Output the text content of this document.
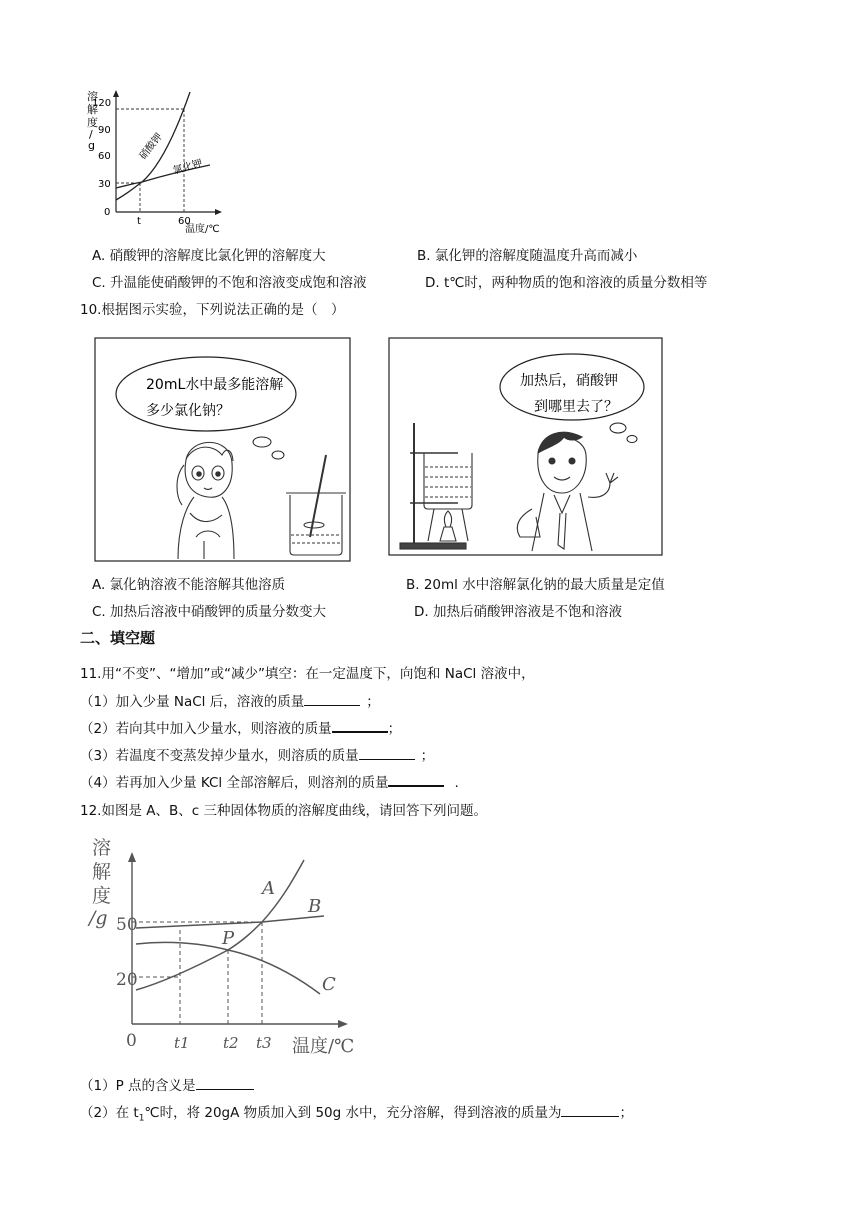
溶
解
度
/
g
120
90
60
30
0
t	60
温度/℃
硝酸钾
氯化钾
A. 硝酸钾的溶解度比氯化钾的溶解度大	B. 氯化钾的溶解度随温度升高而减小
C. 升温能使硝酸钾的不饱和溶液变成饱和溶液	D. t℃时，两种物质的饱和溶液的质量分数相等
10.根据图示实验，下列说法正确的是（　）
20mL水中最多能溶解
多少氯化钠？
加热后，硝酸钾
到哪里去了？
A. 氯化钠溶液不能溶解其他溶质	B. 20ml 水中溶解氯化钠的最大质量是定值
C. 加热后溶液中硝酸钾的质量分数变大	D. 加热后硝酸钾溶液是不饱和溶液
二、填空题
11.用“不变”、“增加”或“减少”填空：在一定温度下，向饱和 NaCl 溶液中，
（1）加入少量 NaCl 后，溶液的质量	；
（2）若向其中加入少量水，则溶液的质量	；
（3）若温度不变蒸发掉少量水，则溶质的质量	；
（4）若再加入少量 KCl 全部溶解后，则溶剂的质量	.
12.如图是 A、B、c 三种固体物质的溶解度曲线，请回答下列问题。
溶
解
度
/g 50
20
0 t1 t2 t3 温度/℃
A
B
P
C
（1）P 点的含义是
（2）在 $t_1℃$时，将 20gA 物质加入到 50g 水中，充分溶解，得到溶液的质量为	；
